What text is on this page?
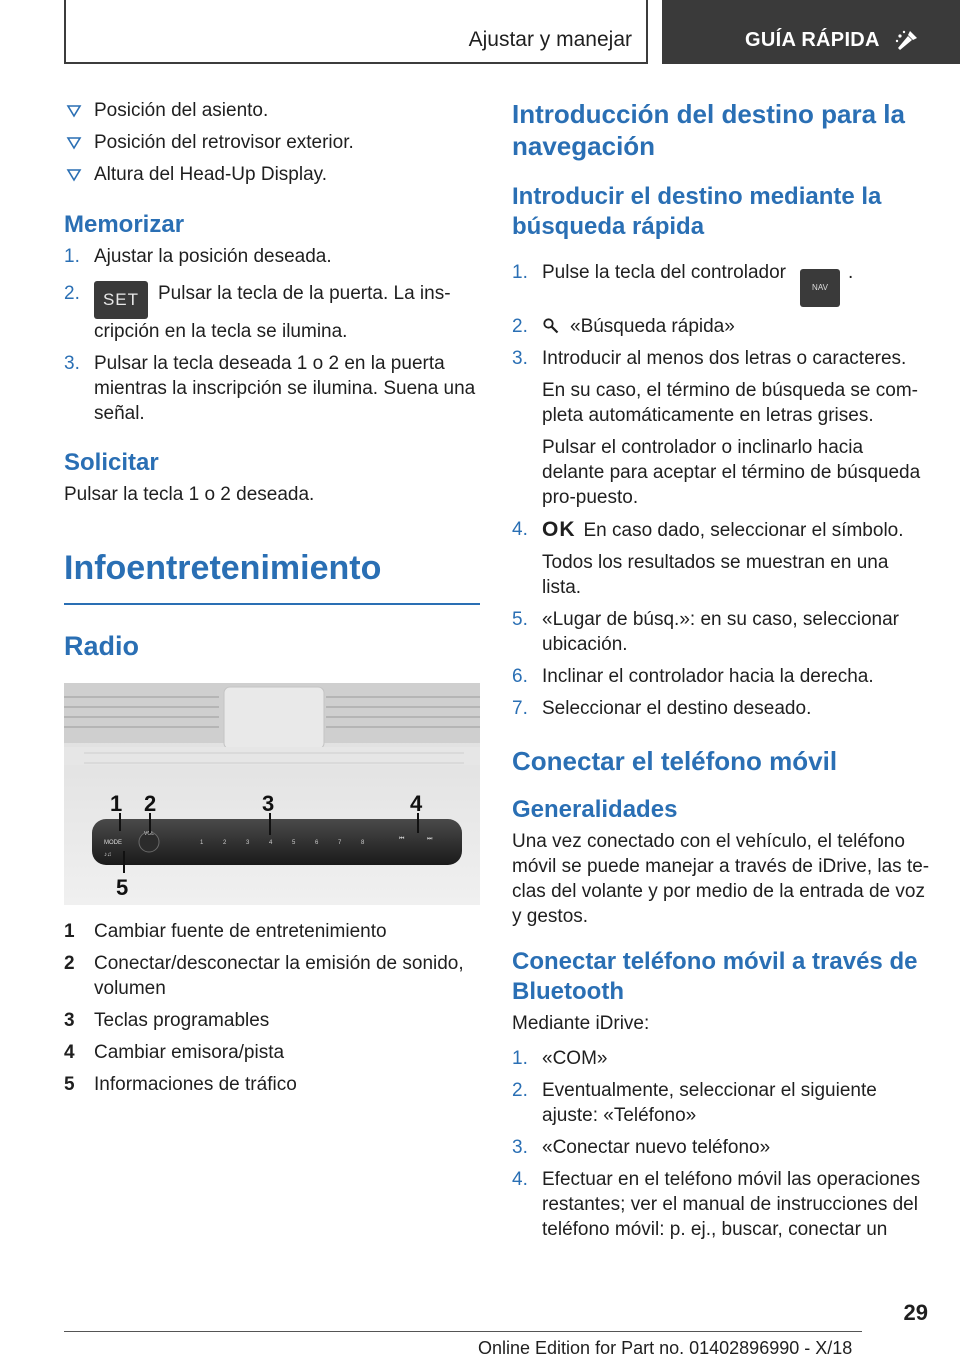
Ajustar y manejar	GUÍA RÁPIDA
Posición del asiento.
Posición del retrovisor exterior.
Altura del Head-Up Display.
Memorizar
1. Ajustar la posición deseada.
2. SET Pulsar la tecla de la puerta. La ins-cripción en la tecla se ilumina.
3. Pulsar la tecla deseada 1 o 2 en la puerta mientras la inscripción se ilumina. Suena una señal.
Solicitar

Pulsar la tecla 1 o 2 deseada.

Infoentretenimiento
Radio
MODE
♪♫
VOL
1	2	3	4	5	6	7	8
⏮	⏭
1 2	3	4
5
1 Cambiar fuente de entretenimiento
2 Conectar/desconectar la emisión de sonido, volumen
3 Teclas programables
4 Cambiar emisora/pista
5 Informaciones de tráfico
Introducción del destino para la navegación
Introducir el destino mediante la búsqueda rápida
1. Pulse la tecla del controladorNAV.
2. «Búsqueda rápida»
3. Introducir al menos dos letras o caracteres.
En su caso, el término de búsqueda se com-pleta automáticamente en letras grises.
Pulsar el controlador o inclinarlo hacia delante para aceptar el término de búsqueda pro-puesto.
4. OK En caso dado, seleccionar el símbolo.
Todos los resultados se muestran en una lista.
5. «Lugar de búsq.»: en su caso, seleccionar ubicación.
6. Inclinar el controlador hacia la derecha.
7. Seleccionar el destino deseado.
Conectar el teléfono móvil
Generalidades

Una vez conectado con el vehículo, el teléfono móvil se puede manejar a través de iDrive, las te-clas del volante y por medio de la entrada de voz y gestos.

Conectar teléfono móvil a través de Bluetooth

Mediante iDrive:

1. «COM»
2. Eventualmente, seleccionar el siguiente ajuste: «Teléfono»
3. «Conectar nuevo teléfono»
4. Efectuar en el teléfono móvil las operaciones restantes; ver el manual de instrucciones del teléfono móvil: p. ej., buscar, conectar un
29
Online Edition for Part no. 01402896990 - X/18
